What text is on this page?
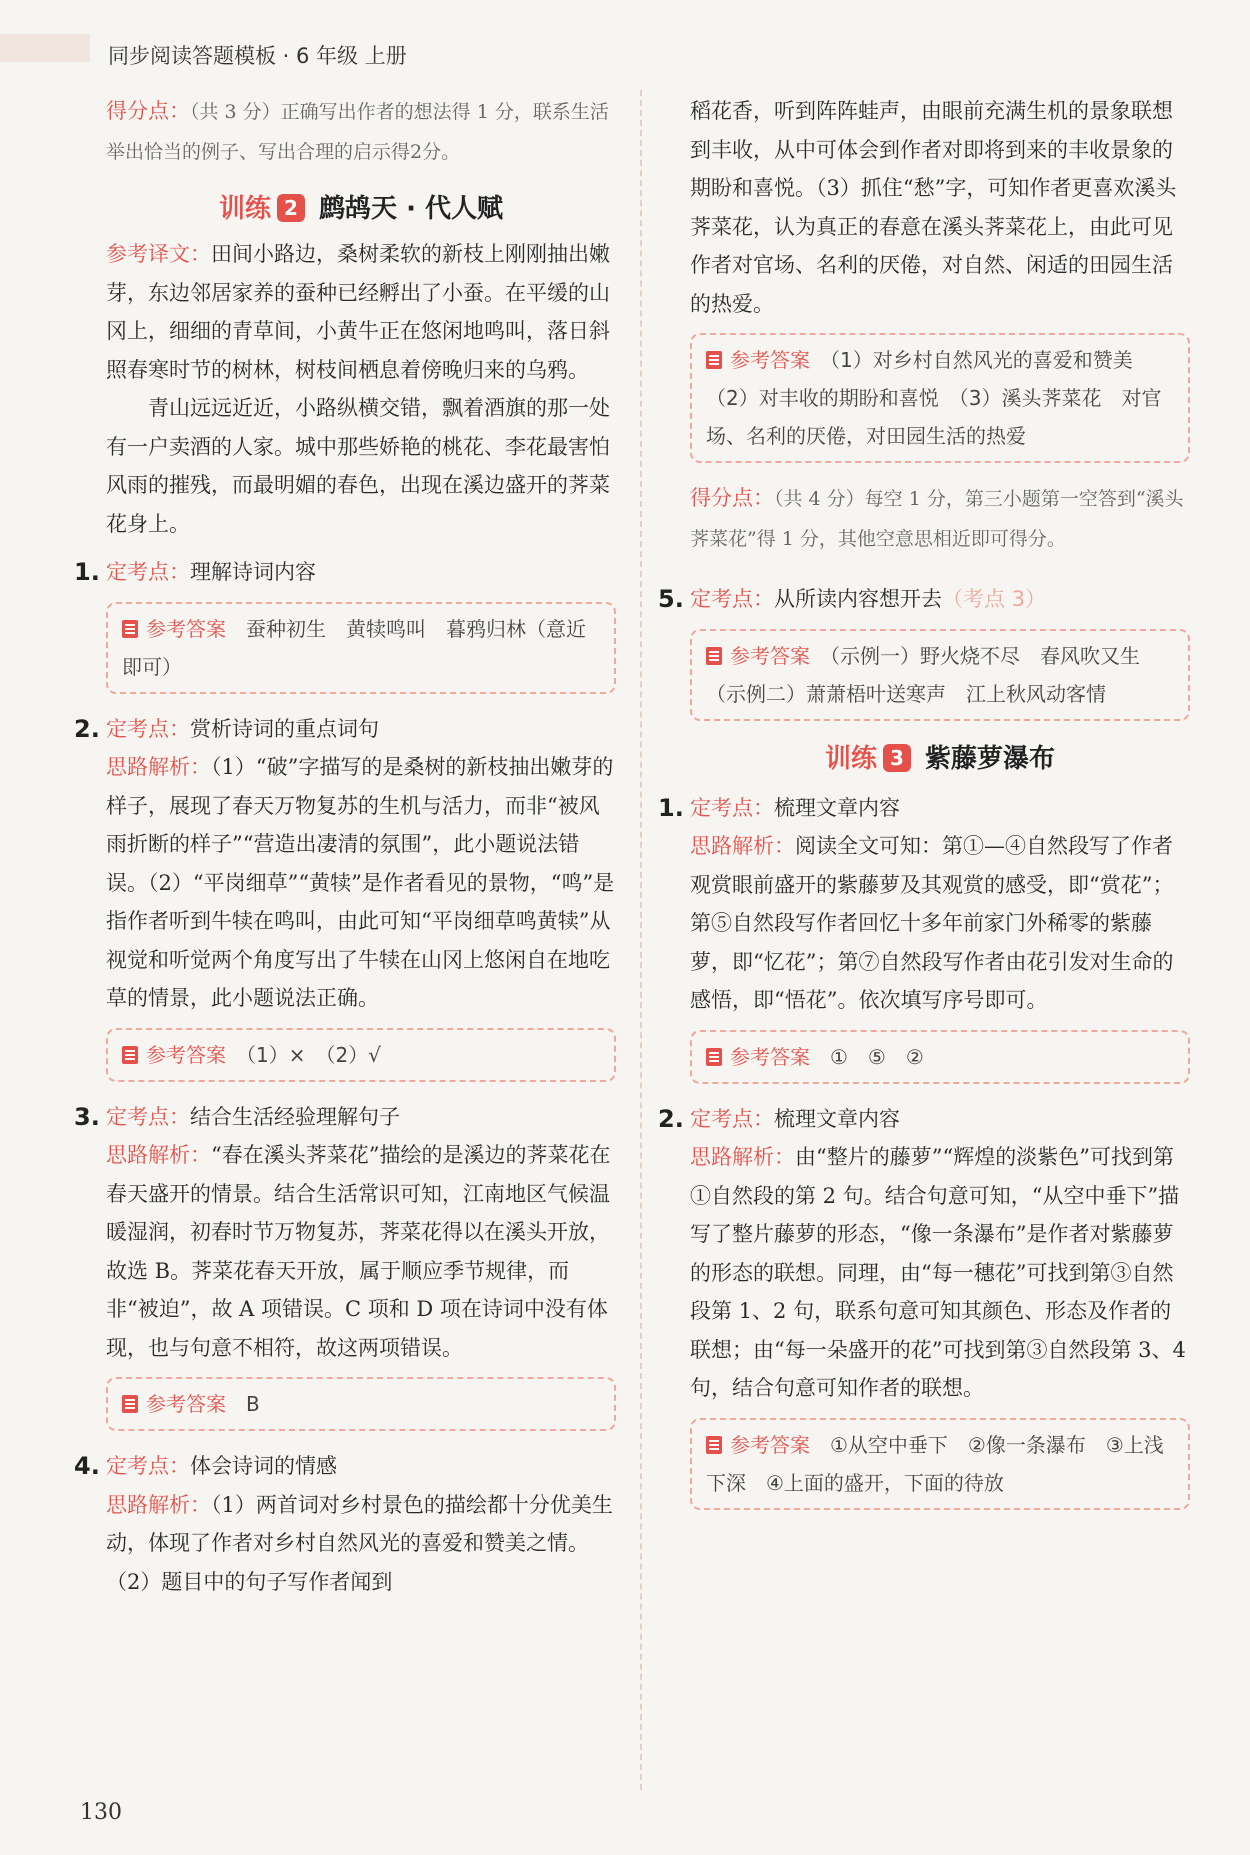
同步阅读答题模板 · 6 年级 上册

得分点：（共 3 分）正确写出作者的想法得 1 分，联系生活举出恰当的例子、写出合理的启示得2分。

训练 2 鹧鸪天 · 代人赋

参考译文：田间小路边，桑树柔软的新枝上刚刚抽出嫩芽，东边邻居家养的蚕种已经孵出了小蚕。在平缓的山冈上，细细的青草间，小黄牛正在悠闲地鸣叫，落日斜照春寒时节的树林，树枝间栖息着傍晚归来的乌鸦。

青山远远近近，小路纵横交错，飘着酒旗的那一处有一户卖酒的人家。城中那些娇艳的桃花、李花最害怕风雨的摧残，而最明媚的春色，出现在溪边盛开的荠菜花身上。

1. 定考点：理解诗词内容
参考答案　 蚕种初生　黄犊鸣叫　暮鸦归林（意近即可）
2. 定考点：赏析诗词的重点词句

思路解析：（1）“破”字描写的是桑树的新枝抽出嫩芽的样子，展现了春天万物复苏的生机与活力，而非“被风雨折断的样子”“营造出凄清的氛围”，此小题说法错误。（2）“平岗细草”“黄犊”是作者看见的景物，“鸣”是指作者听到牛犊在鸣叫，由此可知“平岗细草鸣黄犊”从视觉和听觉两个角度写出了牛犊在山冈上悠闲自在地吃草的情景，此小题说法正确。

参考答案　 （1）×　（2）√
3. 定考点：结合生活经验理解句子

思路解析：“春在溪头荠菜花”描绘的是溪边的荠菜花在春天盛开的情景。结合生活常识可知，江南地区气候温暖湿润，初春时节万物复苏，荠菜花得以在溪头开放，故选 B。荠菜花春天开放，属于顺应季节规律，而非“被迫”，故 A 项错误。C 项和 D 项在诗词中没有体现，也与句意不相符，故这两项错误。

参考答案　 B
4. 定考点：体会诗词的情感

思路解析：（1）两首词对乡村景色的描绘都十分优美生动，体现了作者对乡村自然风光的喜爱和赞美之情。（2）题目中的句子写作者闻到

稻花香，听到阵阵蛙声，由眼前充满生机的景象联想到丰收，从中可体会到作者对即将到来的丰收景象的期盼和喜悦。（3）抓住“愁”字，可知作者更喜欢溪头荠菜花，认为真正的春意在溪头荠菜花上，由此可见作者对官场、名利的厌倦，对自然、闲适的田园生活的热爱。

参考答案　 （1）对乡村自然风光的喜爱和赞美　（2）对丰收的期盼和喜悦　（3）溪头荠菜花　对官场、名利的厌倦，对田园生活的热爱

得分点：（共 4 分）每空 1 分，第三小题第一空答到“溪头荠菜花”得 1 分，其他空意思相近即可得分。

5. 定考点：从所读内容想开去（考点 3）
参考答案　 （示例一）野火烧不尽　春风吹又生　（示例二）萧萧梧叶送寒声　江上秋风动客情
训练 3 紫藤萝瀑布
1. 定考点：梳理文章内容

思路解析：阅读全文可知：第①—④自然段写了作者观赏眼前盛开的紫藤萝及其观赏的感受，即“赏花”；第⑤自然段写作者回忆十多年前家门外稀零的紫藤萝，即“忆花”；第⑦自然段写作者由花引发对生命的感悟，即“悟花”。依次填写序号即可。

参考答案　 ①　⑤　②
2. 定考点：梳理文章内容

思路解析：由“整片的藤萝”“辉煌的淡紫色”可找到第①自然段的第 2 句。结合句意可知，“从空中垂下”描写了整片藤萝的形态，“像一条瀑布”是作者对紫藤萝的形态的联想。同理，由“每一穗花”可找到第③自然段第 1、2 句，联系句意可知其颜色、形态及作者的联想；由“每一朵盛开的花”可找到第③自然段第 3、4 句，结合句意可知作者的联想。

参考答案　 ①从空中垂下　②像一条瀑布　③上浅下深　④上面的盛开，下面的待放
130
